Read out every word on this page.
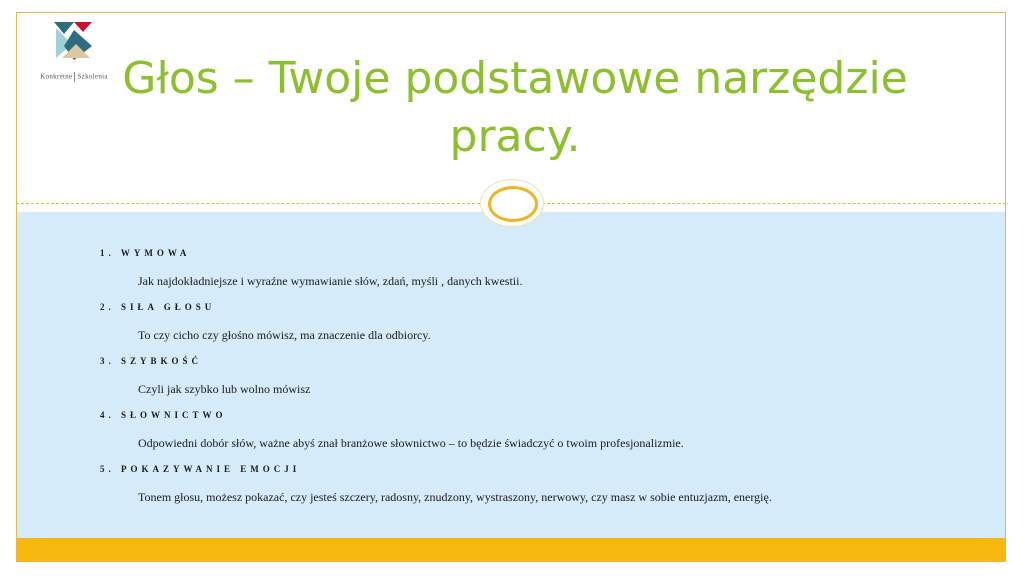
Konkretne Szkolenia Głos – Twoje podstawowe narzędzie pracy.
1. WYMOWA
Jak najdokładniejsze i wyraźne wymawianie słów, zdań, myśli , danych kwestii.
2. SIŁA GŁOSU
To czy cicho czy głośno mówisz, ma znaczenie dla odbiorcy.
3. SZYBKOŚĆ
Czyli jak szybko lub wolno mówisz
4. SŁOWNICTWO
Odpowiedni dobór słów, ważne abyś znał branżowe słownictwo – to będzie świadczyć o twoim profesjonalizmie.
5. POKAZYWANIE EMOCJI
Tonem głosu, możesz pokazać, czy jesteś szczery, radosny, znudzony, wystraszony, nerwowy, czy masz w sobie entuzjazm, energię.
